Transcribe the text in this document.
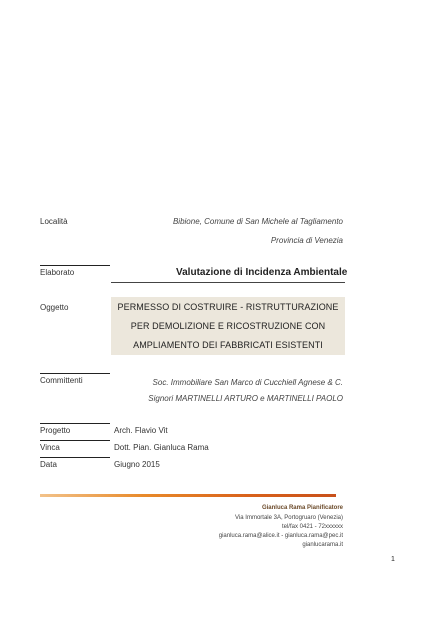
Località	Bibione, Comune di San Michele al Tagliamento
Provincia di Venezia
Elaborato	Valutazione di Incidenza Ambientale
Oggetto	PERMESSO DI COSTRUIRE - RISTRUTTURAZIONE
PER DEMOLIZIONE E RICOSTRUZIONE CON
AMPLIAMENTO DEI FABBRICATI ESISTENTI
Committenti	Soc. Immobiliare San Marco di Cucchiell Agnese & C.
Signori MARTINELLI ARTURO e MARTINELLI PAOLO
Progetto	Arch. Flavio Vit
Vinca	Dott. Pian. Gianluca Rama
Data	Giugno 2015
Gianluca Rama Pianificatore
Via Immortale 3A, Portogruaro (Venezia)
tel/fax 0421 - 72xxxxxx
gianluca.rama@alice.it - gianluca.rama@pec.it
gianlucarama.it
1
